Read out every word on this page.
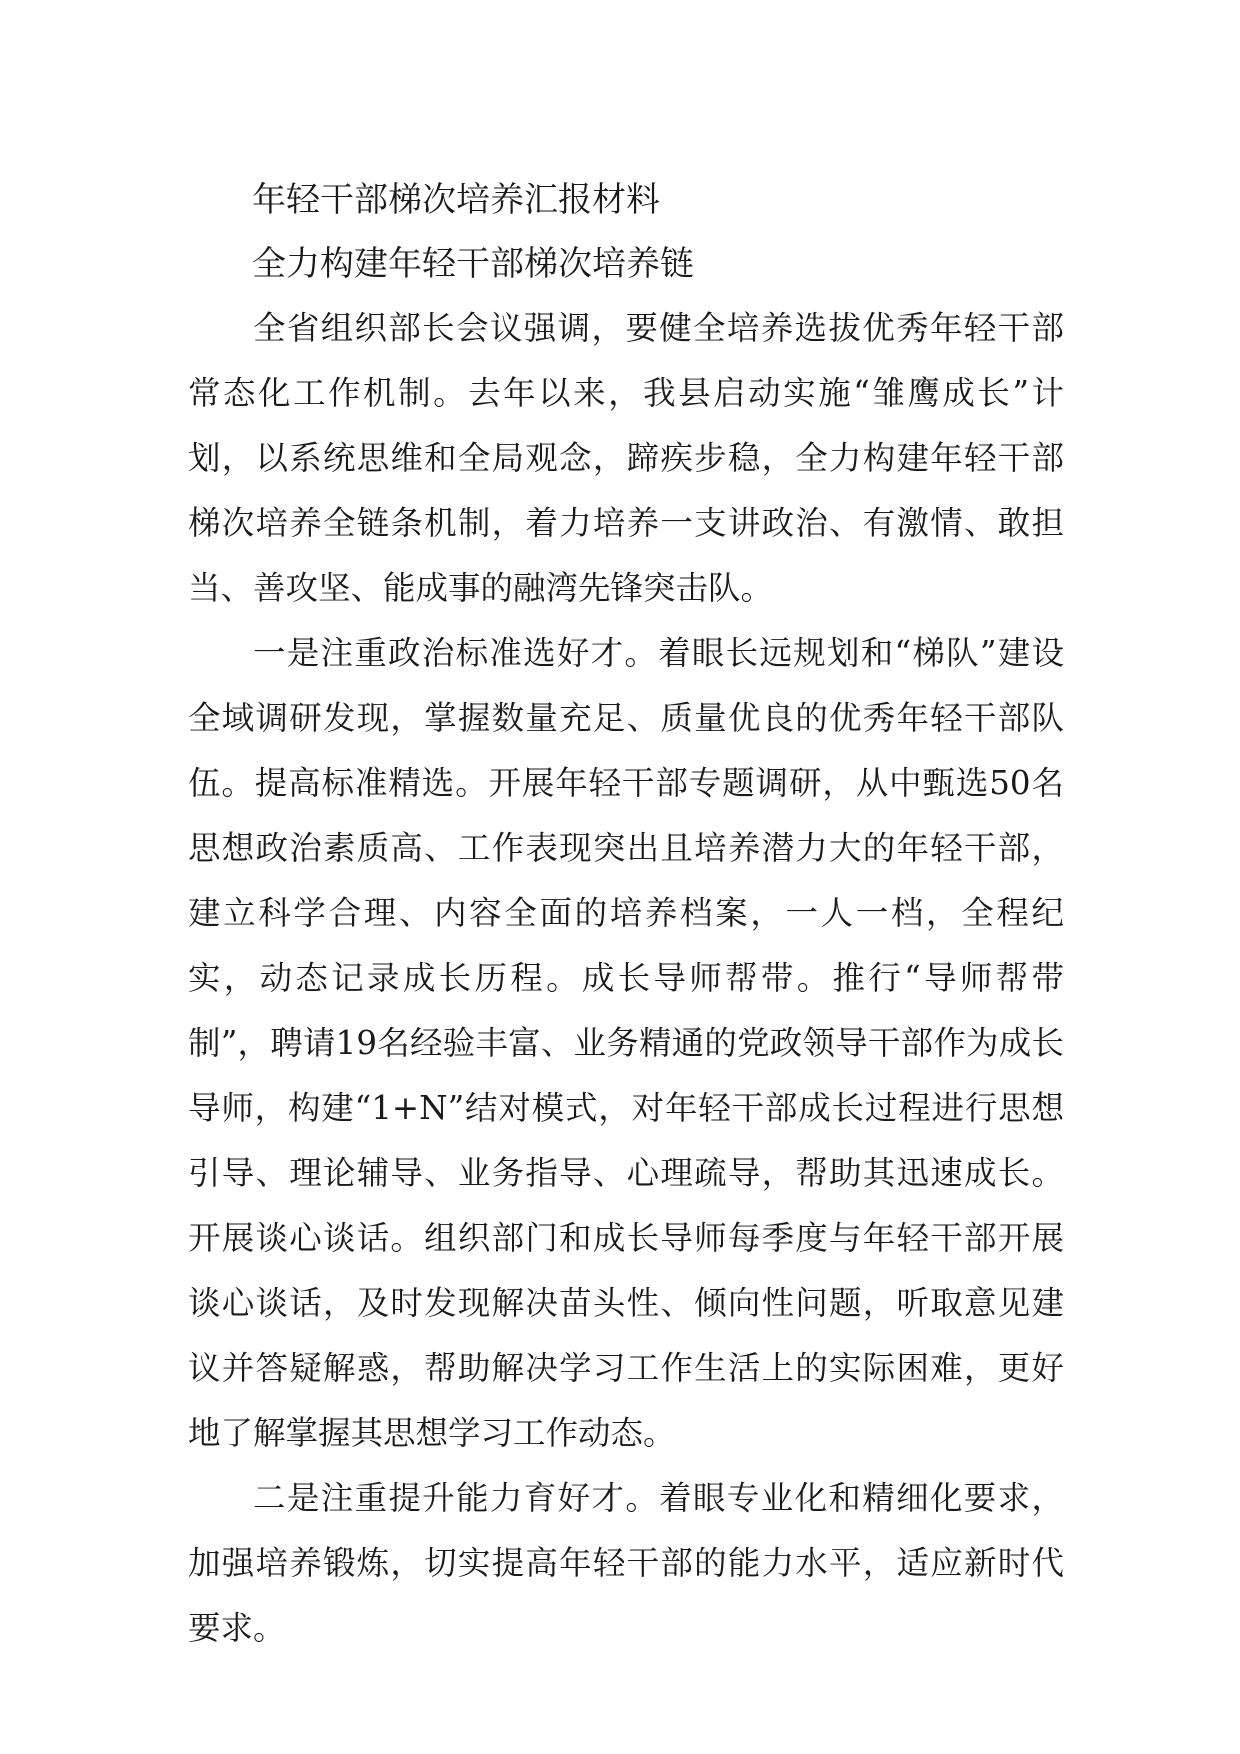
年轻干部梯次培养汇报材料
全力构建年轻干部梯次培养链

全省组织部长会议强调，要健全培养选拔优秀年轻干部常态化工作机制。去年以来，我县启动实施“雏鹰成长”计划，以系统思维和全局观念，蹄疾步稳，全力构建年轻干部梯次培养全链条机制，着力培养一支讲政治、有激情、敢担当、善攻坚、能成事的融湾先锋突击队。

一是注重政治标准选好才。着眼长远规划和“梯队”建设全域调研发现，掌握数量充足、质量优良的优秀年轻干部队伍。提高标准精选。开展年轻干部专题调研，从中甄选50名思想政治素质高、工作表现突出且培养潜力大的年轻干部，建立科学合理、内容全面的培养档案，一人一档，全程纪实，动态记录成长历程。成长导师帮带。推行“导师帮带制”，聘请19名经验丰富、业务精通的党政领导干部作为成长导师，构建“1+N”结对模式，对年轻干部成长过程进行思想引导、理论辅导、业务指导、心理疏导，帮助其迅速成长。开展谈心谈话。组织部门和成长导师每季度与年轻干部开展谈心谈话，及时发现解决苗头性、倾向性问题，听取意见建议并答疑解惑，帮助解决学习工作生活上的实际困难，更好地了解掌握其思想学习工作动态。

二是注重提升能力育好才。着眼专业化和精细化要求，加强培养锻炼，切实提高年轻干部的能力水平，适应新时代要求。
